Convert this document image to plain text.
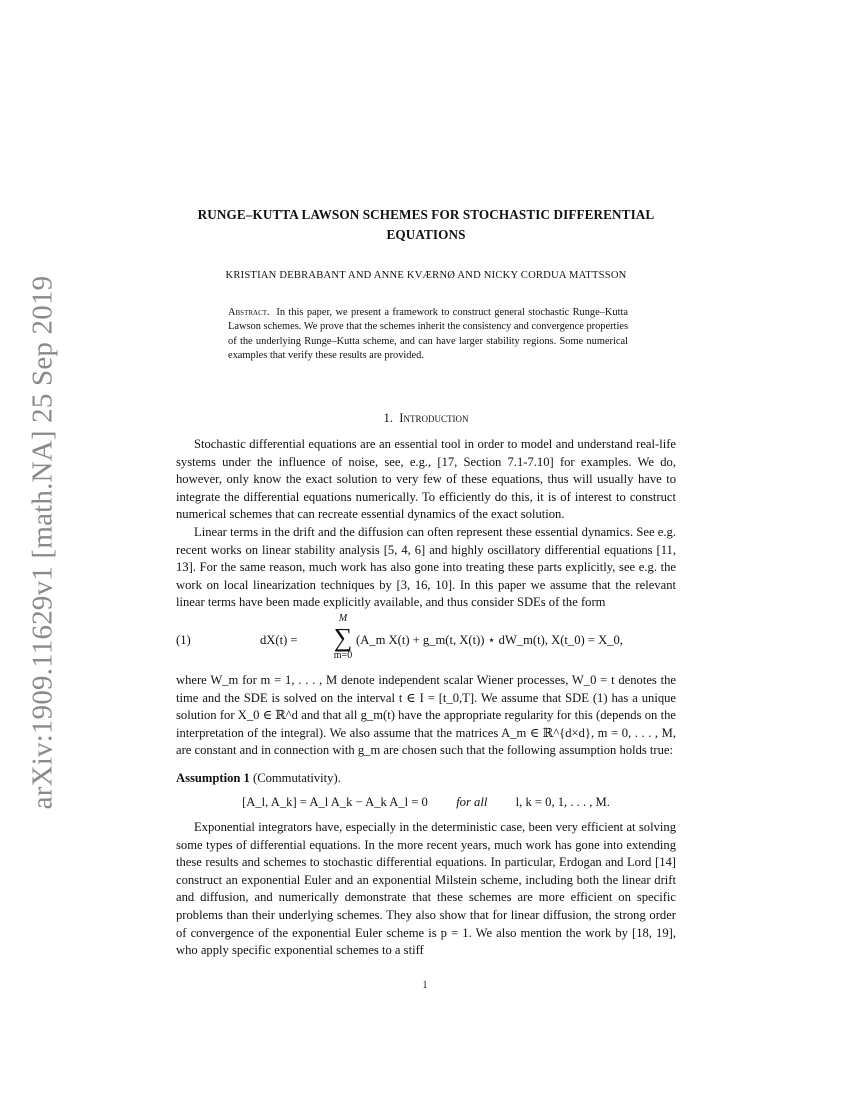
arXiv:1909.11629v1 [math.NA] 25 Sep 2019
RUNGE–KUTTA LAWSON SCHEMES FOR STOCHASTIC DIFFERENTIAL
EQUATIONS
KRISTIAN DEBRABANT AND ANNE KVÆRNØ AND NICKY CORDUA MATTSSON
Abstract. In this paper, we present a framework to construct general stochastic Runge–Kutta Lawson schemes. We prove that the schemes inherit the consistency and convergence properties of the underlying Runge–Kutta scheme, and can have larger stability regions. Some numerical examples that verify these results are provided.
1. Introduction

Stochastic differential equations are an essential tool in order to model and understand real-life systems under the influence of noise, see, e.g., [17, Section 7.1-7.10] for examples. We do, however, only know the exact solution to very few of these equations, thus will usually have to integrate the differential equations numerically. To efficiently do this, it is of interest to construct numerical schemes that can recreate essential dynamics of the exact solution.

Linear terms in the drift and the diffusion can often represent these essential dynamics. See e.g. recent works on linear stability analysis [5, 4, 6] and highly oscillatory differential equations [11, 13]. For the same reason, much work has also gone into treating these parts explicitly, see e.g. the work on local linearization techniques by [3, 16, 10]. In this paper we assume that the relevant linear terms have been made explicitly available, and thus consider SDEs of the form

(1)	dX(t) =
M
∑
m=0
(A_m X(t) + g_m(t, X(t)) ⋆ dW_m(t), X(t_0) = X_0,

where W_m for m = 1, . . . , M denote independent scalar Wiener processes, W_0 = t denotes the time and the SDE is solved on the interval t ∈ I = [t_0,T]. We assume that SDE (1) has a unique solution for X_0 ∈ ℝ^d and that all g_m(t) have the appropriate regularity for this (depends on the interpretation of the integral). We also assume that the matrices A_m ∈ ℝ^{d×d}, m = 0, . . . , M, are constant and in connection with g_m are chosen such that the following assumption holds true:

Assumption 1 (Commutativity).
[A_l, A_k] = A_l A_k − A_k A_l = 0 for all l, k = 0, 1, . . . , M.

Exponential integrators have, especially in the deterministic case, been very efficient at solving some types of differential equations. In the more recent years, much work has gone into extending these results and schemes to stochastic differential equations. In particular, Erdogan and Lord [14] construct an exponential Euler and an exponential Milstein scheme, including both the linear drift and diffusion, and numerically demonstrate that these schemes are more efficient on specific problems than their underlying schemes. They also show that for linear diffusion, the strong order of convergence of the exponential Euler scheme is p = 1. We also mention the work by [18, 19], who apply specific exponential schemes to a stiff

1
